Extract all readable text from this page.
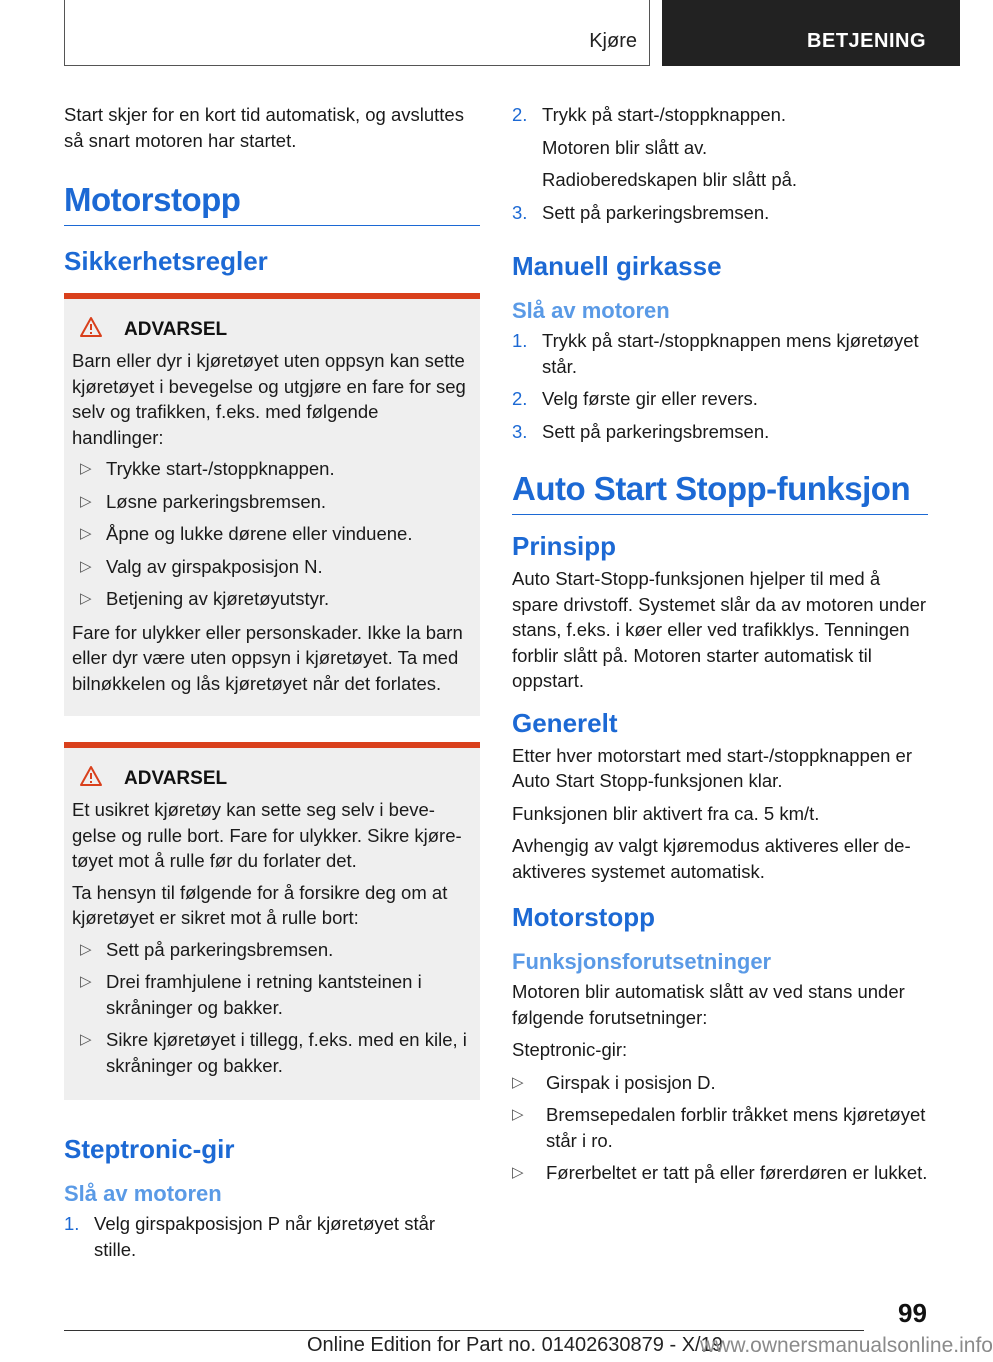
Kjøre	BETJENING

Start skjer for en kort tid automatisk, og avsluttes så snart motoren har startet.

Motorstopp
Sikkerhetsregler
ADVARSEL

Barn eller dyr i kjøretøyet uten oppsyn kan sette kjøretøyet i bevegelse og utgjøre en fare for seg selv og trafikken, f.eks. med følgende handlinger:

▷ Trykke start-/stoppknappen.
▷ Løsne parkeringsbremsen.
▷ Åpne og lukke dørene eller vinduene.
▷ Valg av girspakposisjon N.
▷ Betjening av kjøretøyutstyr.

Fare for ulykker eller personskader. Ikke la barn eller dyr være uten oppsyn i kjøretøyet. Ta med bilnøkkelen og lås kjøretøyet når det forlates.

ADVARSEL

Et usikret kjøretøy kan sette seg selv i bevegelse og rulle bort. Fare for ulykker. Sikre kjøretøyet mot å rulle før du forlater det.

Ta hensyn til følgende for å forsikre deg om at kjøretøyet er sikret mot å rulle bort:

▷ Sett på parkeringsbremsen.
▷ Drei framhjulene i retning kantsteinen i skråninger og bakker.
▷ Sikre kjøretøyet i tillegg, f.eks. med en kile, i skråninger og bakker.
Steptronic-gir
Slå av motoren
1. Velg girspakposisjon P når kjøretøyet står stille.
2. Trykk på start-/stoppknappen.

Motoren blir slått av.

Radioberedskapen blir slått på.

3. Sett på parkeringsbremsen.
Manuell girkasse
Slå av motoren
1. Trykk på start-/stoppknappen mens kjøretøyet står.
2. Velg første gir eller revers.
3. Sett på parkeringsbremsen.
Auto Start Stopp-funksjon
Prinsipp

Auto Start-Stopp-funksjonen hjelper til med å spare drivstoff. Systemet slår da av motoren under stans, f.eks. i køer eller ved trafikklys. Tenningen forblir slått på. Motoren starter automatisk til oppstart.

Generelt

Etter hver motorstart med start-/stoppknappen er Auto Start Stopp-funksjonen klar.

Funksjonen blir aktivert fra ca. 5 km/t.

Avhengig av valgt kjøremodus aktiveres eller deaktiveres systemet automatisk.

Motorstopp
Funksjonsforutsetninger

Motoren blir automatisk slått av ved stans under følgende forutsetninger:

Steptronic-gir:

▷	Girspak i posisjon D.
▷	Bremsepedalen forblir tråkket mens kjøretøyet står i ro.
▷	Førerbeltet er tatt på eller førerdøren er lukket.
99
Online Edition for Part no. 01402630879 - X/19
www.ownersmanualsonline.info
